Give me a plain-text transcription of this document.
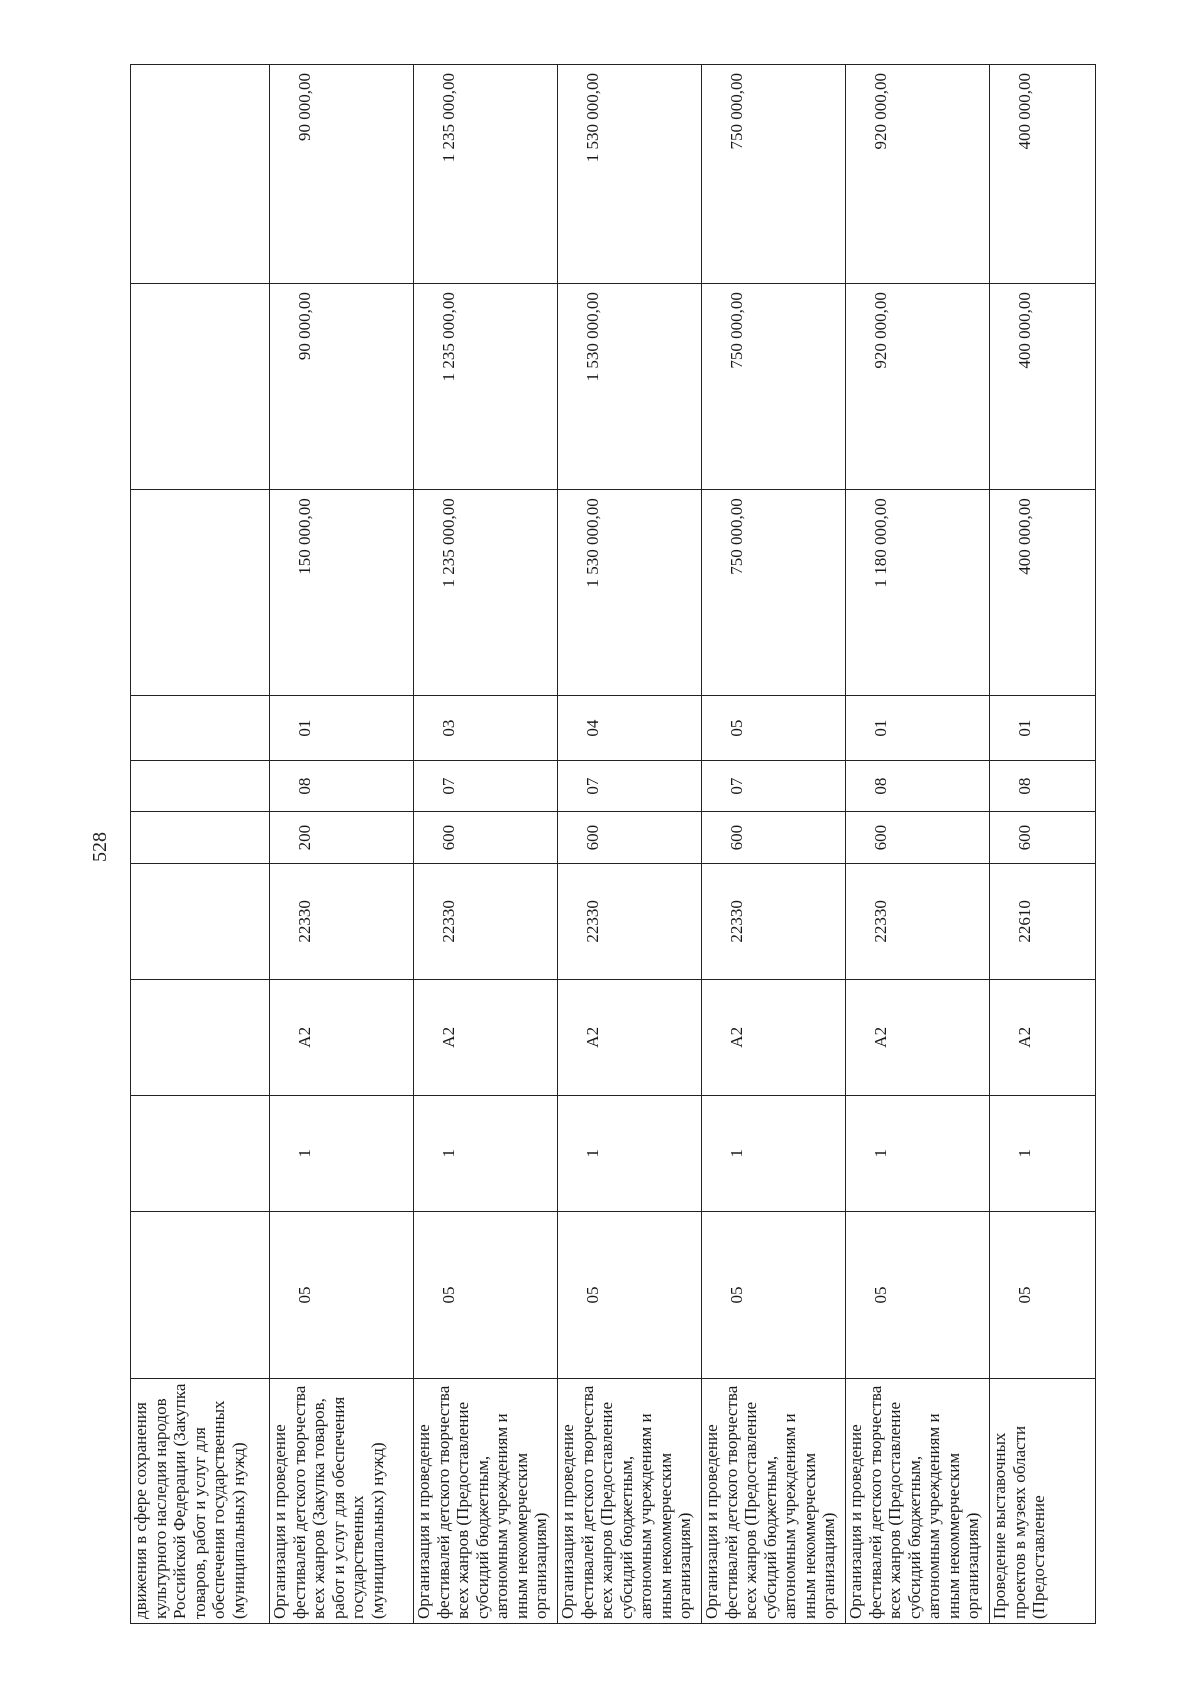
528
движения в сфере сохранения культурного наследия народов Российской Федерации (Закупка товаров, работ и услуг для обеспечения государственных (муниципальных) нужд)										
Организация и проведение фестивалей детского творчества всех жанров (Закупка товаров, работ и услуг для обеспечения государственных (муниципальных) нужд)	05	1	A2	22330	200	08	01	150 000,00	90 000,00	90 000,00
Организация и проведение фестивалей детского творчества всех жанров (Предоставление субсидий бюджетным, автономным учреждениям и иным некоммерческим организациям)	05	1	A2	22330	600	07	03	1 235 000,00	1 235 000,00	1 235 000,00
Организация и проведение фестивалей детского творчества всех жанров (Предоставление субсидий бюджетным, автономным учреждениям и иным некоммерческим организациям)	05	1	A2	22330	600	07	04	1 530 000,00	1 530 000,00	1 530 000,00
Организация и проведение фестивалей детского творчества всех жанров (Предоставление субсидий бюджетным, автономным учреждениям и иным некоммерческим организациям)	05	1	A2	22330	600	07	05	750 000,00	750 000,00	750 000,00
Организация и проведение фестивалей детского творчества всех жанров (Предоставление субсидий бюджетным, автономным учреждениям и иным некоммерческим организациям)	05	1	A2	22330	600	08	01	1 180 000,00	920 000,00	920 000,00
Проведение выставочных проектов в музеях области (Предоставление	05	1	A2	22610	600	08	01	400 000,00	400 000,00	400 000,00
